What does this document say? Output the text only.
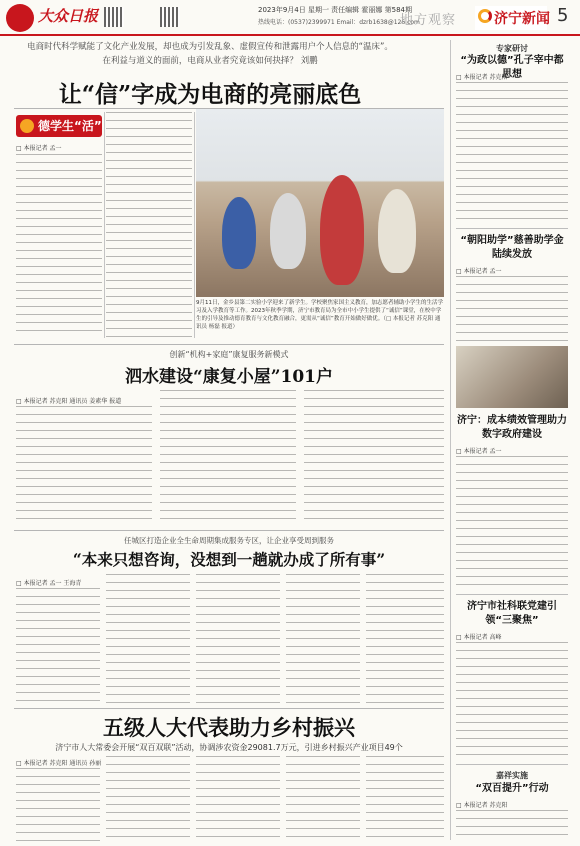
大众日报	2023年9月4日 星期一 责任编辑 霍丽娜 第584期
热线电话：(0537)2399971 Email：dzrb1638@126.com
地方观察	济宁新闻 5
电商时代科学赋能了文化产业发展，却也成为引发乱象、虚假宣传和泄露用户个人信息的“温床”。
在利益与道义的面前，电商从业者究竟该如何抉择？ 刘鹏
让“信”字成为电商的亮丽底色
德学生“活”
□ 本报记者 孟一
9月11日，金乡县第二实验小学迎来了新学生。学校聚焦家国主义教育，加志愿者辅助小学生的生活学习及入学教育等工作。2023年秋季学期，济宁市教育局为全市中小学生提供了“诚信”课堂，在校中学生的引导及推动德育教育与文化教育融合，更需从“诚信”教育开始做好做优。（□ 本报记者 苏克阳 通讯员 杨磊 报道）
专家研讨
“为政以德”孔子宰中都思想
□ 本报记者 苏克阳
“朝阳助学”慈善助学金陆续发放
□ 本报记者 孟一
济宁：成本绩效管理助力数字政府建设
□ 本报记者 孟一
济宁市社科联党建引领“三聚焦”
□ 本报记者 高峰
嘉祥实施
“双百提升”行动
□ 本报记者 苏克阳
创新“机构+家庭”康复服务新模式
泗水建设“康复小屋”101户
□ 本报记者 苏克阳 通讯员 姜素华 报道
任城区打造企业全生命周期集成服务专区，让企业享受周到服务
“本来只想咨询，没想到一趟就办成了所有事”
□ 本报记者 孟一 王海青
五级人大代表助力乡村振兴
济宁市人大常委会开展“双百双联”活动，协调涉农资金29081.7万元，引进乡村振兴产业项目49个
□ 本报记者 苏克阳 通讯员 孙丽
